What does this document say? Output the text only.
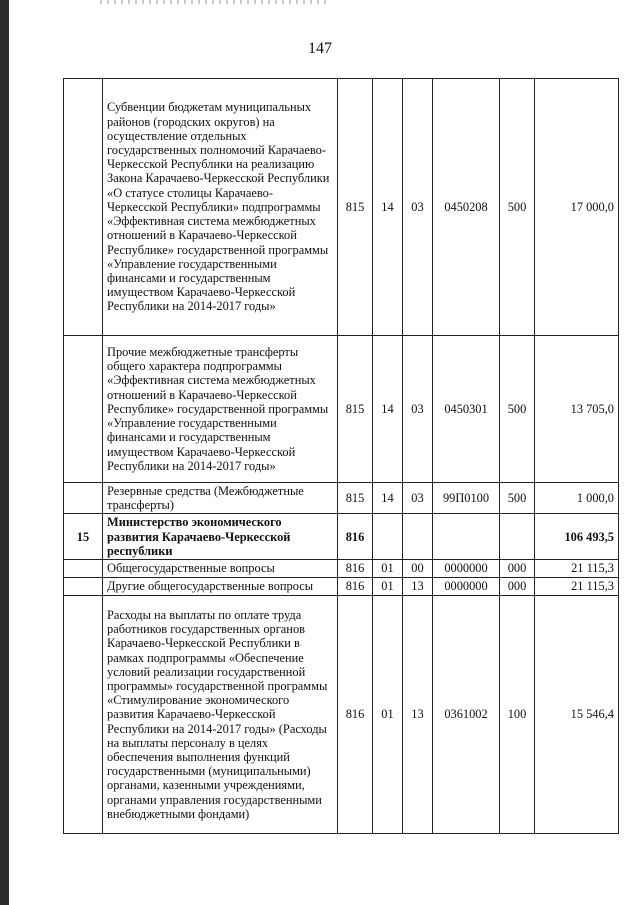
147
	Субвенции бюджетам муниципальных районов (городских округов) на осуществление отдельных государственных полномочий Карачаево-Черкесской Республики на реализацию Закона Карачаево-Черкесской Республики «О статусе столицы Карачаево-Черкесской Республики» подпрограммы «Эффективная система межбюджетных отношений в Карачаево-Черкесской Республике» государственной программы «Управление государственными финансами и государственным имуществом Карачаево-Черкесской Республики на 2014-2017 годы»	815	14	03	0450208	500	17 000,0
	Прочие межбюджетные трансферты общего характера подпрограммы «Эффективная система межбюджетных отношений в Карачаево-Черкесской Республике» государственной программы «Управление государственными финансами и государственным имуществом Карачаево-Черкесской Республики на 2014-2017 годы»	815	14	03	0450301	500	13 705,0
	Резервные средства (Межбюджетные трансферты)	815	14	03	99П0100	500	1 000,0
15	Министерство экономического развития Карачаево-Черкесской республики	816					106 493,5
	Общегосударственные вопросы	816	01	00	0000000	000	21 115,3
	Другие общегосударственные вопросы	816	01	13	0000000	000	21 115,3
	Расходы на выплаты по оплате труда работников государственных органов Карачаево-Черкесской Республики в рамках подпрограммы «Обеспечение условий реализации государственной программы» государственной программы «Стимулирование экономического развития Карачаево-Черкесской Республики на 2014-2017 годы» (Расходы на выплаты персоналу в целях обеспечения выполнения функций государственными (муниципальными) органами, казенными учреждениями, органами управления государственными внебюджетными фондами)	816	01	13	0361002	100	15 546,4
